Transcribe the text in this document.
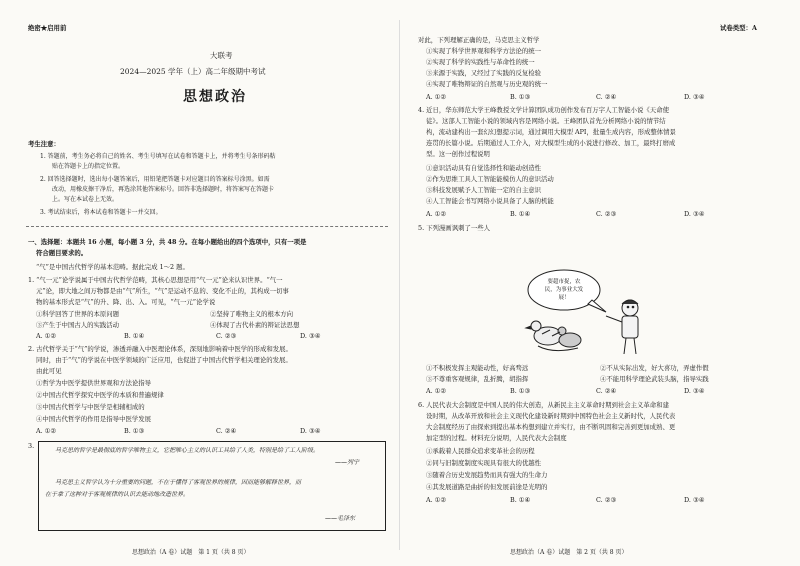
绝密★启用前
大联考
2024—2025 学年（上）高二年级期中考试
思想政治
考生注意：
1. 答题前，考生务必将自己的姓名、考生号填写在试卷和答题卡上，并将考生号条形码粘
贴在答题卡上的指定位置。
2. 回答选择题时，选出每小题答案后，用铅笔把答题卡对应题目的答案标号涂黑。如需
改动，用橡皮擦干净后，再选涂其他答案标号。回答非选择题时，将答案写在答题卡
上。写在本试卷上无效。
3. 考试结束后，将本试卷和答题卡一并交回。
一、选择题：本题共 16 小题，每小题 3 分，共 48 分。在每小题给出的四个选项中，只有一项是
符合题目要求的。
“气”是中国古代哲学的基本范畴。据此完成 1～2 题。
1. “气一元”论学说属于中国古代哲学范畴，其核心思想是用“气一元”论来认识世界。“气一
元”论，即大地之间万物都是由“气”所生，“气”是运动不息的、变化不止的，其构成一切事
物的基本形式是“气”的升、降、出、入。可见，“气一元”论学说
①科学回答了世界的本原问题	②坚持了唯物主义的根本方向
③产生于中国古人的实践活动	④体现了古代朴素的辩证法思想
A. ①②	B. ①④	C. ②③	D. ③④
2. 古代哲学关于“气”的学说，渗透并融入中医理论体系，深刻地影响着中医学的形成和发展。
同时，由于“气”的学说在中医学领域的广泛应用，也促进了中国古代哲学相关理论的发展。
由此可见
①哲学为中医学提供世界观和方法论指导
②中国古代哲学探究中医学的本质和普遍规律
③中国古代哲学与中医学是相辅相成的
④中国古代哲学的作用是指导中医学发展
A. ①②	B. ①③	C. ②④	D. ③④
3.
马克思的哲学是最彻底的哲学唯物主义，它把唯心主义的认识工具给了人类，特别是给了工人阶级。
——列宁
马克思主义哲学认为十分重要的问题，不在于懂得了客观世界的规律，因而能够解释世界，而
在于拿了这种对于客观规律的认识去能动地改造世界。
——毛泽东
思想政治（A 卷）试题　第 1 页（共 8 页）
试卷类型：A
对此，下列理解正确的是，马克思主义哲学
①实现了科学世界观和科学方法论的统一
②实现了科学的实践性与革命性的统一
③来源于实践，又经过了实践的反复检验
④实现了唯物辩证的自然观与历史观的统一
A. ①②	B. ①③	C. ②④	D. ③④
4. 近日，华东师范大学王峰教授文学计算团队成功创作发布百万字人工智能小说《天命使
徒》。这部人工智能小说的领域内容是网络小说。王峰团队首先分析网络小说的情节结
构，流动建构出一套幻幻想提示词，通过调用大模型 API，批量生成内容，形成整体情景
连贯的长篇小说。后期通过人工介入，对大模型生成的小说进行修改、加工，最终打磨成
型。这一创作过程说明
①意识活动具有自觉选择性和能动创造性
②作为思维工具人工智能能模仿人的意识活动
③科技发展赋予人工智能一定的自主意识
④人工智能会书写网络小说具备了人脑的机能
A. ①②	B. ①④	C. ②③	D. ③④
5. 下列漫画讽刺了一些人
要超市捉，农
民，为事业大发
展！
①不积极发挥主观能动性，好高骛远	②不从实际出发，好大喜功，弄虚作假
③不尊重客观规律，乱折腾，胡指挥	④不能用科学理论武装头脑，指导实践
A. ①②	B. ①③	C. ②④	D. ③④
6. 人民代表大会制度是中国人民的伟大创造，从新民主主义革命时期到社会主义革命和建
设时期，从改革开放和社会主义现代化建设新时期到中国特色社会主义新时代，人民代表
大会制度经历了由探索到提出基本构想到建立并实行，由不断巩固和完善到更加成熟、更
加定型的过程。材料充分说明，人民代表大会制度
①承载着人民群众追求变革社会的历程
②同与旧制度制度实现具有很大的优越性
③随着合历史发展趋势而具有强大的生命力
④其发展道路是曲折的但发展前途是光明的
A. ①②	B. ①④	C. ②③	D. ③④
思想政治（A 卷）试题　第 2 页（共 8 页）
